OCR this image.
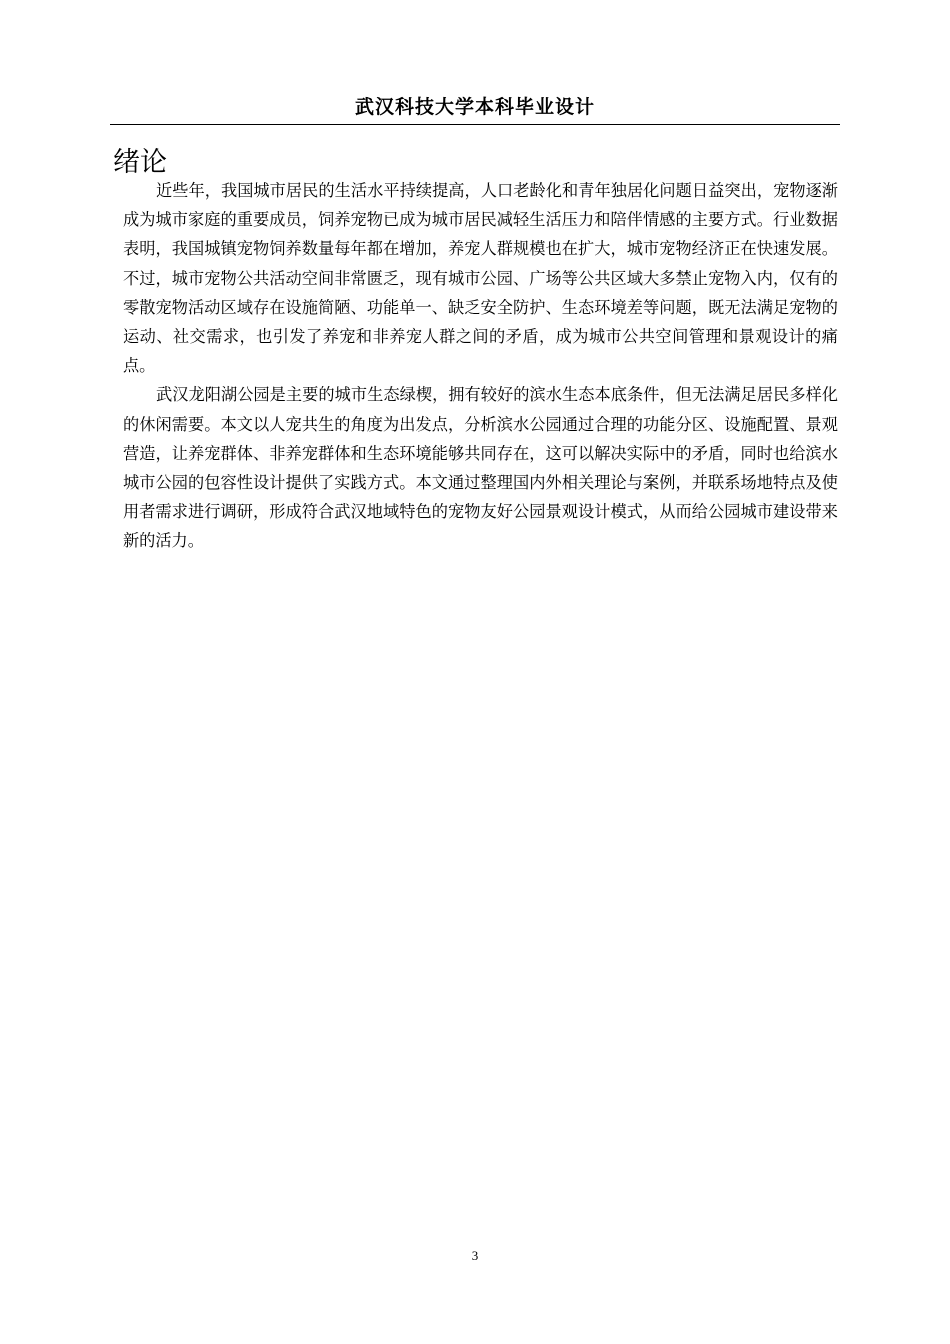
武汉科技大学本科毕业设计
绪论

近些年，我国城市居民的生活水平持续提高，人口老龄化和青年独居化问题日益突出，宠物逐渐成为城市家庭的重要成员，饲养宠物已成为城市居民减轻生活压力和陪伴情感的主要方式。行业数据表明，我国城镇宠物饲养数量每年都在增加，养宠人群规模也在扩大，城市宠物经济正在快速发展。不过，城市宠物公共活动空间非常匮乏，现有城市公园、广场等公共区域大多禁止宠物入内，仅有的零散宠物活动区域存在设施简陋、功能单一、缺乏安全防护、生态环境差等问题，既无法满足宠物的运动、社交需求，也引发了养宠和非养宠人群之间的矛盾，成为城市公共空间管理和景观设计的痛点。

武汉龙阳湖公园是主要的城市生态绿楔，拥有较好的滨水生态本底条件，但无法满足居民多样化的休闲需要。本文以人宠共生的角度为出发点，分析滨水公园通过合理的功能分区、设施配置、景观营造，让养宠群体、非养宠群体和生态环境能够共同存在，这可以解决实际中的矛盾，同时也给滨水城市公园的包容性设计提供了实践方式。本文通过整理国内外相关理论与案例，并联系场地特点及使用者需求进行调研，形成符合武汉地域特色的宠物友好公园景观设计模式，从而给公园城市建设带来新的活力。

3
